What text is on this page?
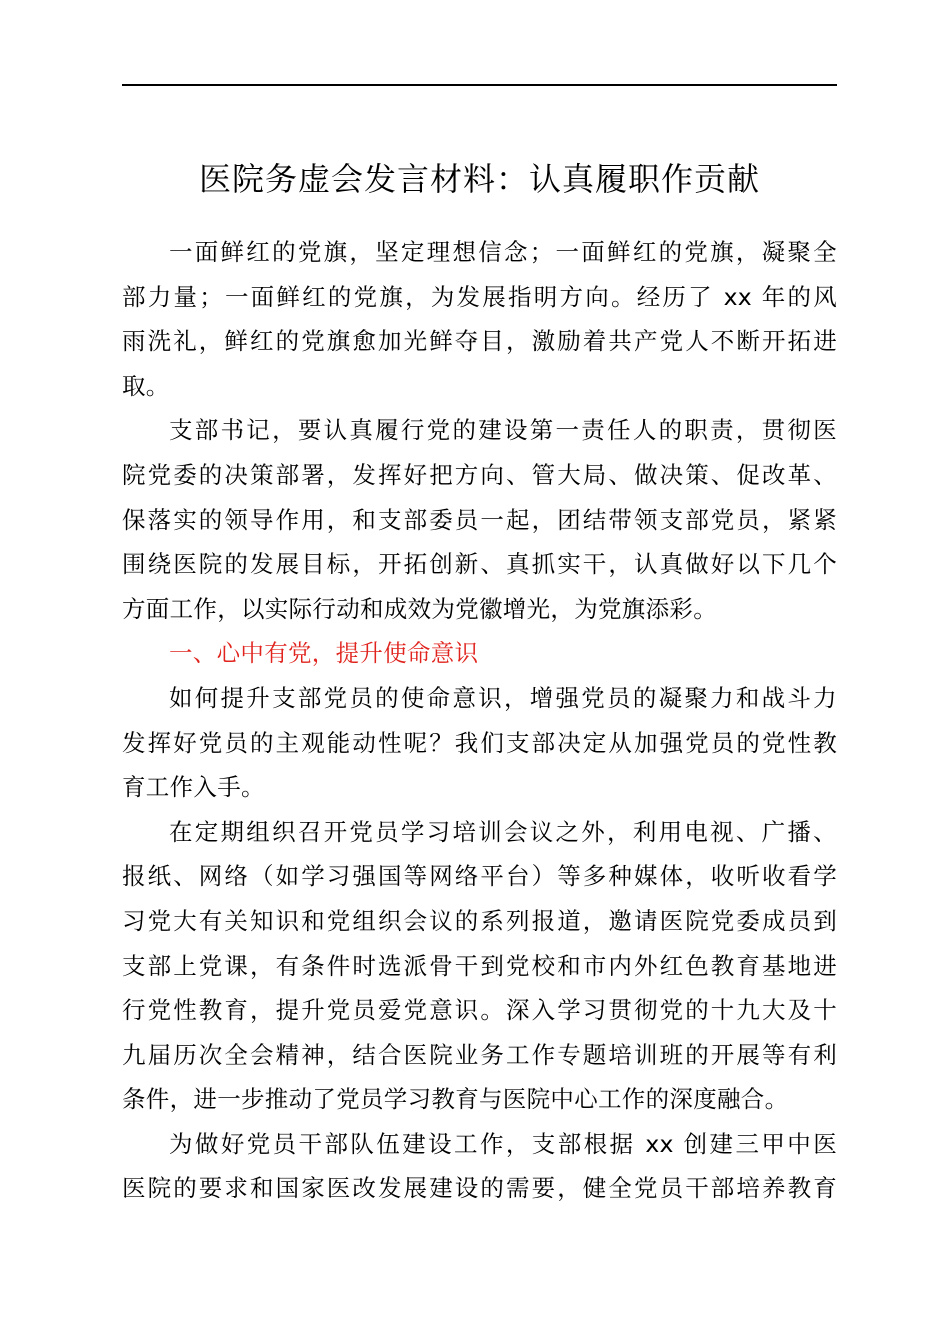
医院务虚会发言材料：认真履职作贡献

一面鲜红的党旗，坚定理想信念；一面鲜红的党旗，凝聚全
部力量；一面鲜红的党旗，为发展指明方向。经历了 xx 年的风
雨洗礼，鲜红的党旗愈加光鲜夺目，激励着共产党人不断开拓进
取。

支部书记，要认真履行党的建设第一责任人的职责，贯彻医
院党委的决策部署，发挥好把方向、管大局、做决策、促改革、
保落实的领导作用，和支部委员一起，团结带领支部党员，紧紧
围绕医院的发展目标，开拓创新、真抓实干，认真做好以下几个
方面工作，以实际行动和成效为党徽增光，为党旗添彩。

一、心中有党，提升使命意识

如何提升支部党员的使命意识，增强党员的凝聚力和战斗力
发挥好党员的主观能动性呢？我们支部决定从加强党员的党性教
育工作入手。

在定期组织召开党员学习培训会议之外，利用电视、广播、
报纸、网络（如学习强国等网络平台）等多种媒体，收听收看学
习党大有关知识和党组织会议的系列报道，邀请医院党委成员到
支部上党课，有条件时选派骨干到党校和市内外红色教育基地进
行党性教育，提升党员爱党意识。深入学习贯彻党的十九大及十
九届历次全会精神，结合医院业务工作专题培训班的开展等有利
条件，进一步推动了党员学习教育与医院中心工作的深度融合。

为做好党员干部队伍建设工作，支部根据 xx 创建三甲中医
医院的要求和国家医改发展建设的需要，健全党员干部培养教育
